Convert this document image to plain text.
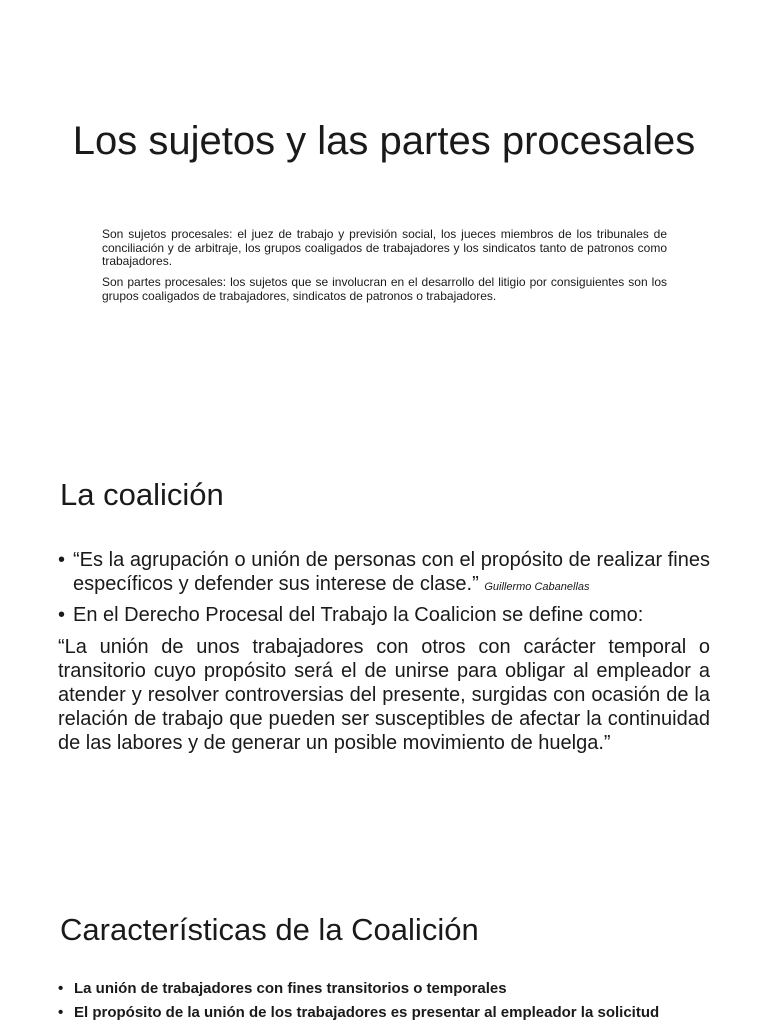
Los sujetos y las partes procesales

Son sujetos procesales: el juez de trabajo y previsión social, los jueces miembros de los tribunales de conciliación y de arbitraje, los grupos coaligados de trabajadores y los sindicatos tanto de patronos como trabajadores.

Son partes procesales: los sujetos que se involucran en el desarrollo del litigio por consiguientes son los grupos coaligados de trabajadores, sindicatos de patronos o trabajadores.

La coalición
• “Es la agrupación o unión de personas con el propósito de realizar fines específicos y defender sus interese de clase.” Guillermo Cabanellas
• En el Derecho Procesal del Trabajo la Coalicion se define como:

“La unión de unos trabajadores con otros con carácter temporal o transitorio cuyo propósito será el de unirse para obligar al empleador a atender y resolver controversias del presente, surgidas con ocasión de la relación de trabajo que pueden ser susceptibles de afectar la continuidad de las labores y de generar un posible movimiento de huelga.”

Características de la Coalición
• La unión de trabajadores con fines transitorios o temporales
• El propósito de la unión de los trabajadores es presentar al empleador la solicitud
